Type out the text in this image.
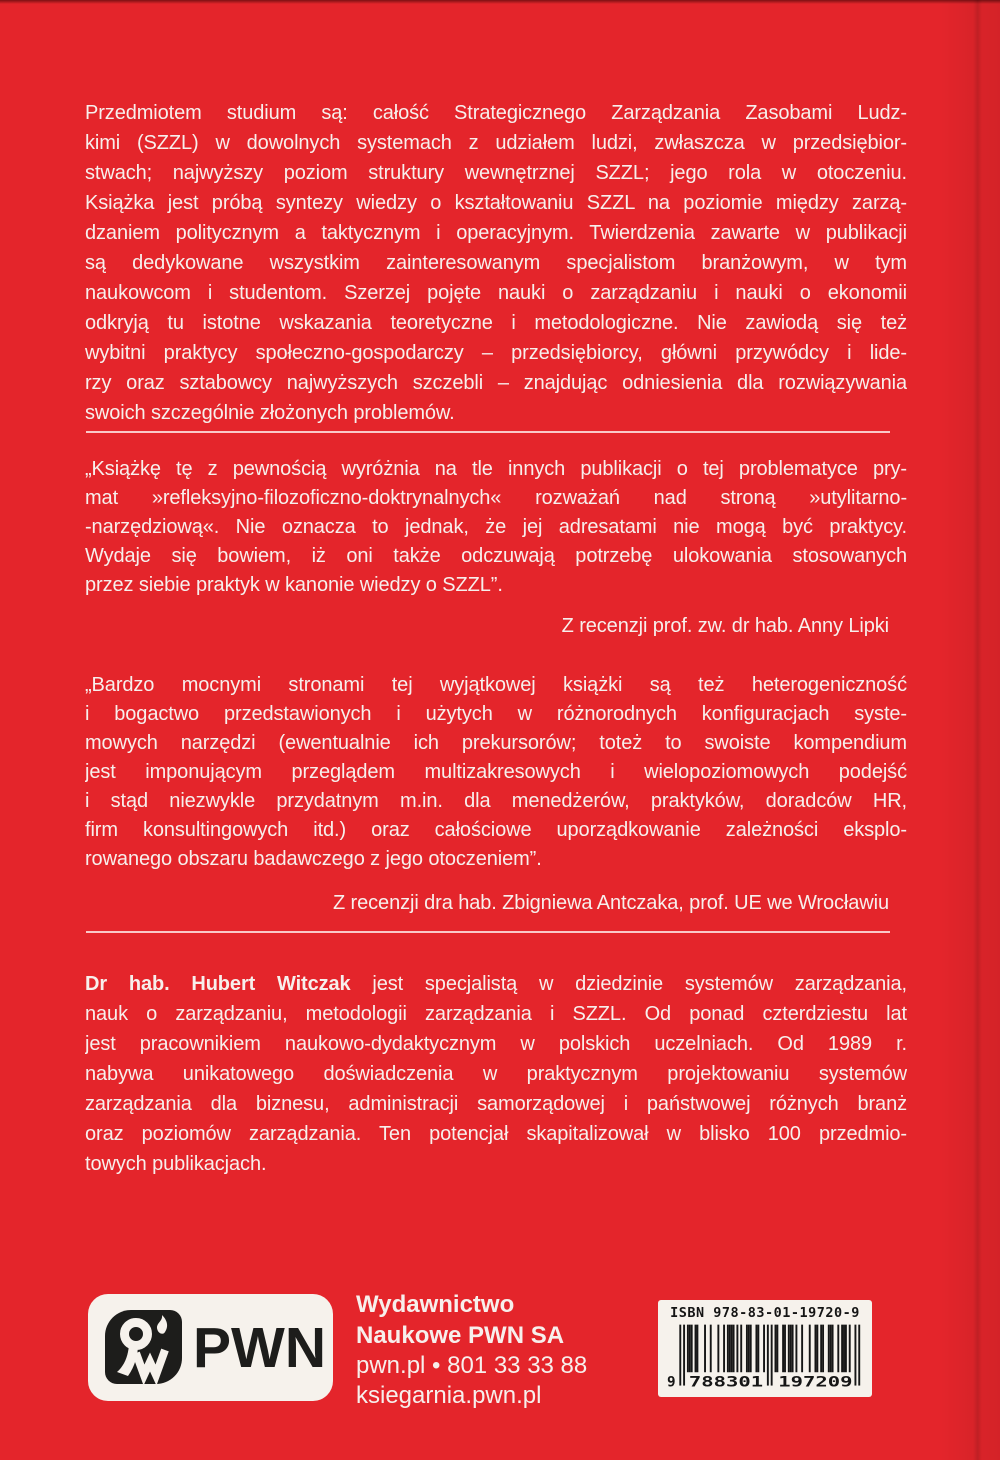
Przedmiotem studium są: całość Strategicznego Zarządzania Zasobami Ludz-
kimi (SZZL) w dowolnych systemach z udziałem ludzi, zwłaszcza w przedsiębior-
stwach; najwyższy poziom struktury wewnętrznej SZZL; jego rola w otoczeniu.
Książka jest próbą syntezy wiedzy o kształtowaniu SZZL na poziomie między zarzą-
dzaniem politycznym a taktycznym i operacyjnym. Twierdzenia zawarte w publikacji
są dedykowane wszystkim zainteresowanym specjalistom branżowym, w tym
naukowcom i studentom. Szerzej pojęte nauki o zarządzaniu i nauki o ekonomii
odkryją tu istotne wskazania teoretyczne i metodologiczne. Nie zawiodą się też
wybitni praktycy społeczno-gospodarczy – przedsiębiorcy, główni przywódcy i lide-
rzy oraz sztabowcy najwyższych szczebli – znajdując odniesienia dla rozwiązywania
swoich szczególnie złożonych problemów.
„Książkę tę z pewnością wyróżnia na tle innych publikacji o tej problematyce pry-
mat »refleksyjno-filozoficzno-doktrynalnych« rozważań nad stroną »utylitarno-
-narzędziową«. Nie oznacza to jednak, że jej adresatami nie mogą być praktycy.
Wydaje się bowiem, iż oni także odczuwają potrzebę ulokowania stosowanych
przez siebie praktyk w kanonie wiedzy o SZZL”.
Z recenzji prof. zw. dr hab. Anny Lipki
„Bardzo mocnymi stronami tej wyjątkowej książki są też heterogeniczność
i bogactwo przedstawionych i użytych w różnorodnych konfiguracjach syste-
mowych narzędzi (ewentualnie ich prekursorów; toteż to swoiste kompendium
jest imponującym przeglądem multizakresowych i wielopoziomowych podejść
i stąd niezwykle przydatnym m.in. dla menedżerów, praktyków, doradców HR,
firm konsultingowych itd.) oraz całościowe uporządkowanie zależności eksplo-
rowanego obszaru badawczego z jego otoczeniem”.
Z recenzji dra hab. Zbigniewa Antczaka, prof. UE we Wrocławiu
Dr hab. Hubert Witczak jest specjalistą w dziedzinie systemów zarządzania,
nauk o zarządzaniu, metodologii zarządzania i SZZL. Od ponad czterdziestu lat
jest pracownikiem naukowo-dydaktycznym w polskich uczelniach. Od 1989 r.
nabywa unikatowego doświadczenia w praktycznym projektowaniu systemów
zarządzania dla biznesu, administracji samorządowej i państwowej różnych branż
oraz poziomów zarządzania. Ten potencjał skapitalizował w blisko 100 przedmio-
towych publikacjach.
PWN
Wydawnictwo
Naukowe PWN SA
pwn.pl • 801 33 33 88
ksiegarnia.pwn.pl
ISBN 978-83-01-19720-9
9 788301 197209
